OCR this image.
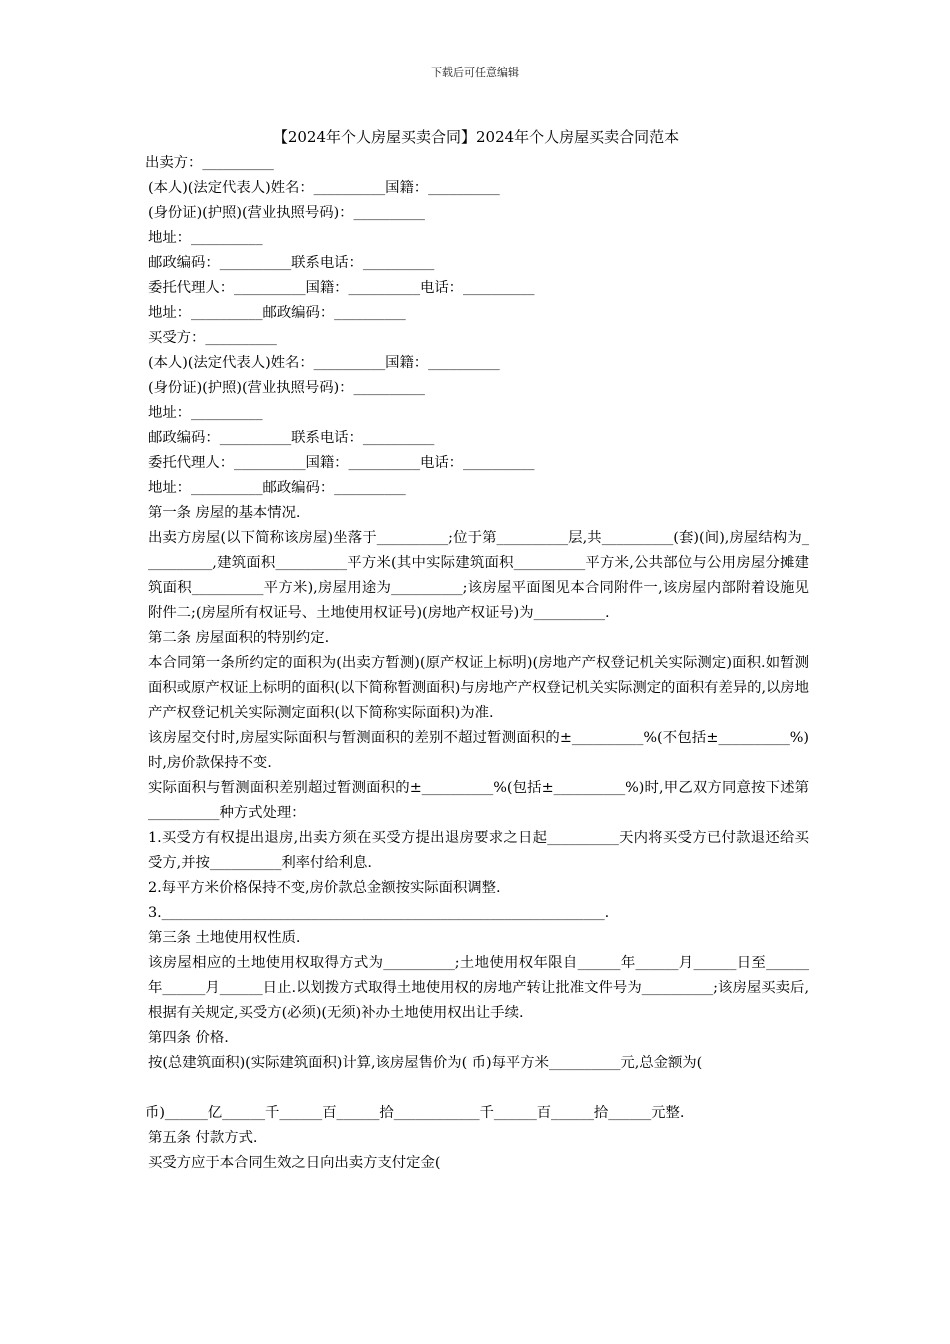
下载后可任意编辑
【2024年个人房屋买卖合同】2024年个人房屋买卖合同范本

出卖方：__________

(本人)(法定代表人)姓名：__________国籍：__________

(身份证)(护照)(营业执照号码)：__________

地址：__________

邮政编码：__________联系电话：__________

委托代理人：__________国籍：__________电话：__________

地址：__________邮政编码：__________

买受方：__________

(本人)(法定代表人)姓名：__________国籍：__________

(身份证)(护照)(营业执照号码)：__________

地址：__________

邮政编码：__________联系电话：__________

委托代理人：__________国籍：__________电话：__________

地址：__________邮政编码：__________

第一条 房屋的基本情况.

出卖方房屋(以下简称该房屋)坐落于__________;位于第__________层,共__________(套)(间),房屋结构为__________,建筑面积__________平方米(其中实际建筑面积__________平方米,公共部位与公用房屋分摊建筑面积__________平方米),房屋用途为__________;该房屋平面图见本合同附件一,该房屋内部附着设施见附件二;(房屋所有权证号、土地使用权证号)(房地产权证号)为__________.

第二条 房屋面积的特别约定.

本合同第一条所约定的面积为(出卖方暂测)(原产权证上标明)(房地产产权登记机关实际测定)面积.如暂测面积或原产权证上标明的面积(以下简称暂测面积)与房地产产权登记机关实际测定的面积有差异的,以房地产产权登记机关实际测定面积(以下简称实际面积)为准.

该房屋交付时,房屋实际面积与暂测面积的差别不超过暂测面积的±__________%(不包括±__________%)时,房价款保持不变.

实际面积与暂测面积差别超过暂测面积的±__________%(包括±__________%)时,甲乙双方同意按下述第__________种方式处理：

1.买受方有权提出退房,出卖方须在买受方提出退房要求之日起__________天内将买受方已付款退还给买受方,并按__________利率付给利息.

2.每平方米价格保持不变,房价款总金额按实际面积调整.

3.______________________________________________________________.

第三条 土地使用权性质.

该房屋相应的土地使用权取得方式为__________;土地使用权年限自______年______月______日至______年______月______日止.以划拨方式取得土地使用权的房地产转让批准文件号为__________;该房屋买卖后,根据有关规定,买受方(必须)(无须)补办土地使用权出让手续.

第四条 价格.

按(总建筑面积)(实际建筑面积)计算,该房屋售价为( 币)每平方米__________元,总金额为(

币)______亿______千______百______拾____________千______百______拾______元整.

第五条 付款方式.

买受方应于本合同生效之日向出卖方支付定金(
